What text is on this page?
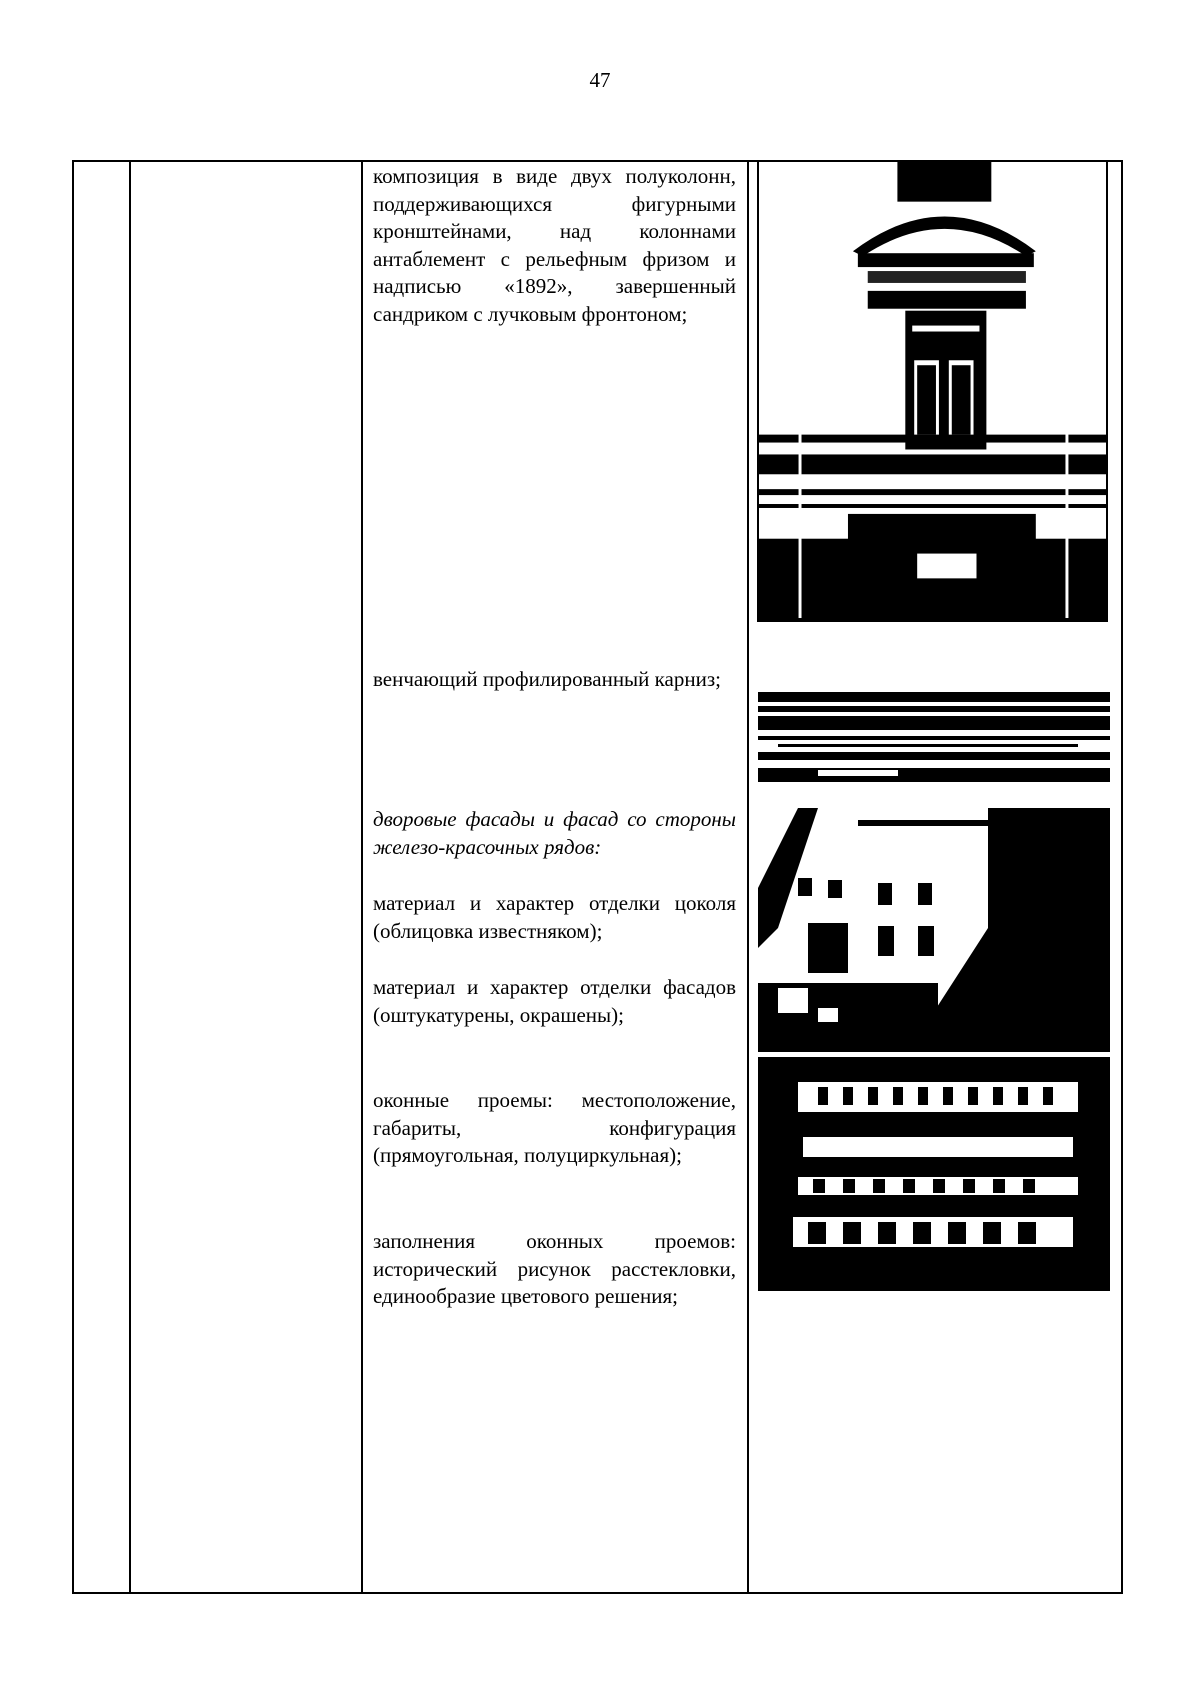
47
композиция в виде двух полуколонн, поддерживающихся фигурными кронштейнами, над колоннами антаблемент с рельефным фризом и надписью «1892», завершенный сандриком с лучковым фронтоном;
венчающий профилированный карниз;
дворовые фасады и фасад со стороны железо-красочных рядов:
материал и характер отделки цоколя (облицовка известняком);
материал и характер отделки фасадов (оштукатурены, окрашены);
оконные проемы: местоположение, габариты, конфигурация (прямоугольная, полуциркульная);
заполнения оконных проемов: исторический рисунок расстекловки, единообразие цветового решения;
